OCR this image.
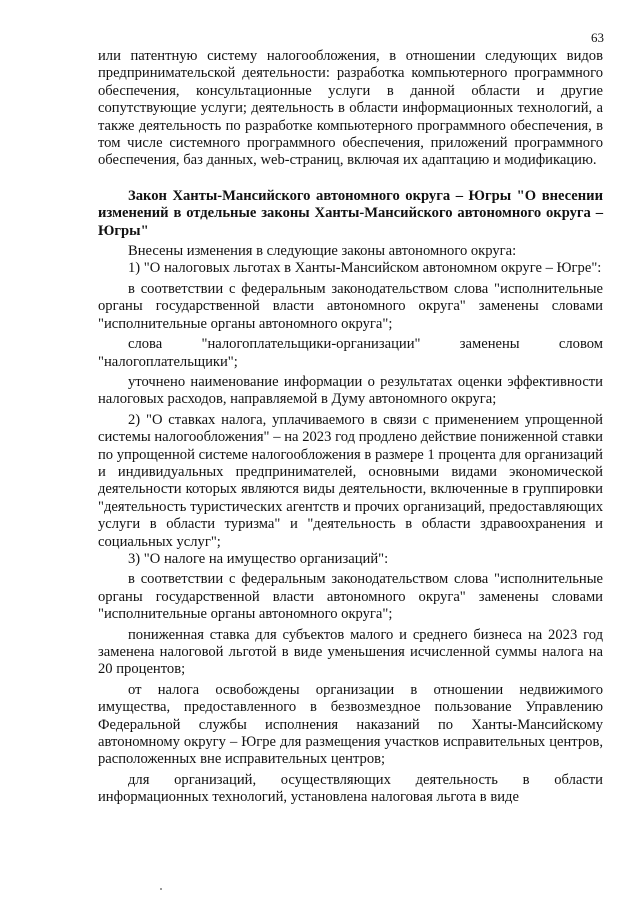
63

или патентную систему налогообложения, в отношении следующих видов предпринимательской деятельности: разработка компьютерного программного обеспечения, консультационные услуги в данной области и другие сопутствующие услуги; деятельность в области информационных технологий, а также деятельность по разработке компьютерного программного обеспечения, в том числе системного программного обеспечения, приложений программного обеспечения, баз данных, web-страниц, включая их адаптацию и модификацию.

Закон Ханты-Мансийского автономного округа – Югры "О внесении изменений в отдельные законы Ханты-Мансийского автономного округа – Югры"

Внесены изменения в следующие законы автономного округа:

1) "О налоговых льготах в Ханты-Мансийском автономном округе – Югре":

в соответствии с федеральным законодательством слова "исполнительные органы государственной власти автономного округа" заменены словами "исполнительные органы автономного округа";

слова "налогоплательщики-организации" заменены словом "налогоплательщики";

уточнено наименование информации о результатах оценки эффективности налоговых расходов, направляемой в Думу автономного округа;

2) "О ставках налога, уплачиваемого в связи с применением упрощенной системы налогообложения" – на 2023 год продлено действие пониженной ставки по упрощенной системе налогообложения в размере 1 процента для организаций и индивидуальных предпринимателей, основными видами экономической деятельности которых являются виды деятельности, включенные в группировки "деятельность туристических агентств и прочих организаций, предоставляющих услуги в области туризма" и "деятельность в области здравоохранения и социальных услуг";

3) "О налоге на имущество организаций":

в соответствии с федеральным законодательством слова "исполнительные органы государственной власти автономного округа" заменены словами "исполнительные органы автономного округа";

пониженная ставка для субъектов малого и среднего бизнеса на 2023 год заменена налоговой льготой в виде уменьшения исчисленной суммы налога на 20 процентов;

от налога освобождены организации в отношении недвижимого имущества, предоставленного в безвозмездное пользование Управлению Федеральной службы исполнения наказаний по Ханты-Мансийскому автономному округу – Югре для размещения участков исправительных центров, расположенных вне исправительных центров;

для организаций, осуществляющих деятельность в области информационных технологий, установлена налоговая льгота в виде
